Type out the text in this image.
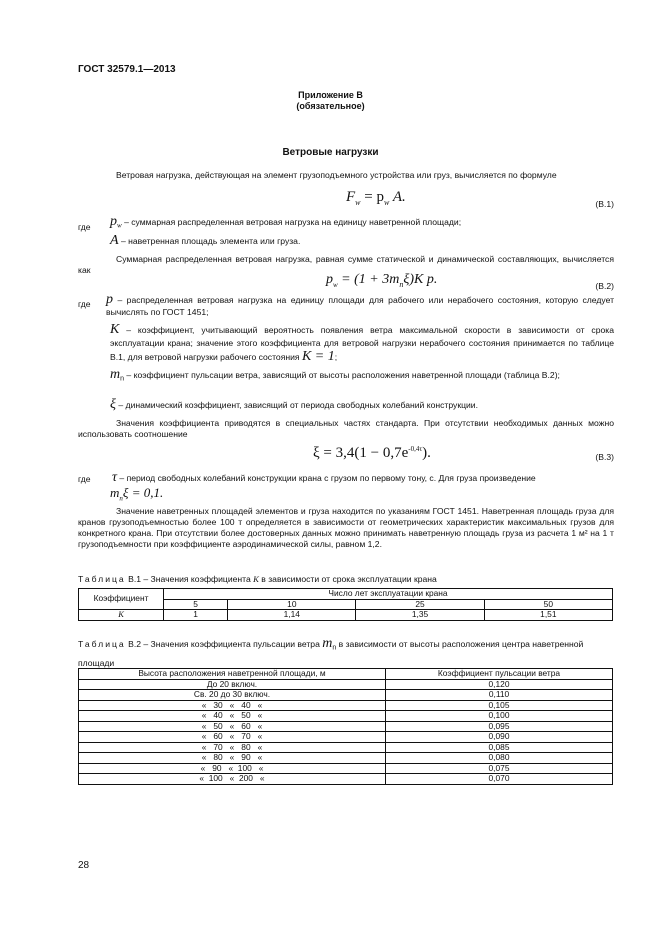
ГОСТ 32579.1—2013
Приложение В
(обязательное)
Ветровые нагрузки
Ветровая нагрузка, действующая на элемент грузоподъемного устройства или груз, вычисляется по формуле
$F_w = p_w$ A.	(В.1)
где $p_w$ – суммарная распределенная ветровая нагрузка на единицу наветренной площади;
A – наветренная площадь элемента или груза.
Суммарная распределенная ветровая нагрузка, равная сумме статической и динамической составляющих, вычисляется как
$p_w = (1 + 3m_n\xi)K$ p.	(В.2)
где p – распределенная ветровая нагрузка на единицу площади для рабочего или нерабочего состояния, которую следует вычислять по ГОСТ 1451;
K – коэффициент, учитывающий вероятность появления ветра максимальной скорости в зависимости от срока эксплуатации крана; значение этого коэффициента для ветровой нагрузки нерабочего состояния принимается по таблице В.1, для ветровой нагрузки рабочего состояния K = 1;
$m_n$ – коэффициент пульсации ветра, зависящий от высоты расположения наветренной площади (таблица В.2);
ξ – динамический коэффициент, зависящий от периода свободных колебаний конструкции.
Значения коэффициента приводятся в специальных частях стандарта. При отсутствии необходимых данных можно использовать соотношение
$\xi = 3,4(1 - 0,7e^{-0,4\tau})$.	(В.3)
где τ – период свободных колебаний конструкции крана с грузом по первому тону, с. Для груза произведение
$m_n\xi = 0,1$.
Значение наветренных площадей элементов и груза находится по указаниям ГОСТ 1451. Наветренная площадь груза для кранов грузоподъемностью более 100 т определяется в зависимости от геометрических характеристик максимальных грузов для конкретного крана. При отсутствии более достоверных данных можно принимать наветренную площадь груза из расчета 1 м² на 1 т грузоподъемности при коэффициенте аэродинамической силы, равном 1,2.
Таблица В.1 – Значения коэффициента K в зависимости от срока эксплуатации крана
Коэффициент	Число лет эксплуатации крана			
	5	10	25	50
K	1	1,14	1,35	1,51
Таблица В.2 – Значения коэффициента пульсации ветра $m_n$ в зависимости от высоты расположения центра наветренной площади
Высота расположения наветренной площади, м	Коэффициент пульсации ветра
До 20 включ.	0,120
Св. 20 до 30 включ.	0,110
«   30   «   40   «	0,105
«   40   «   50   «	0,100
«   50   «   60   «	0,095
«   60   «   70   «	0,090
«   70   «   80   «	0,085
«   80   «   90   «	0,080
«   90   «  100   «	0,075
«  100   «  200   «	0,070
28
